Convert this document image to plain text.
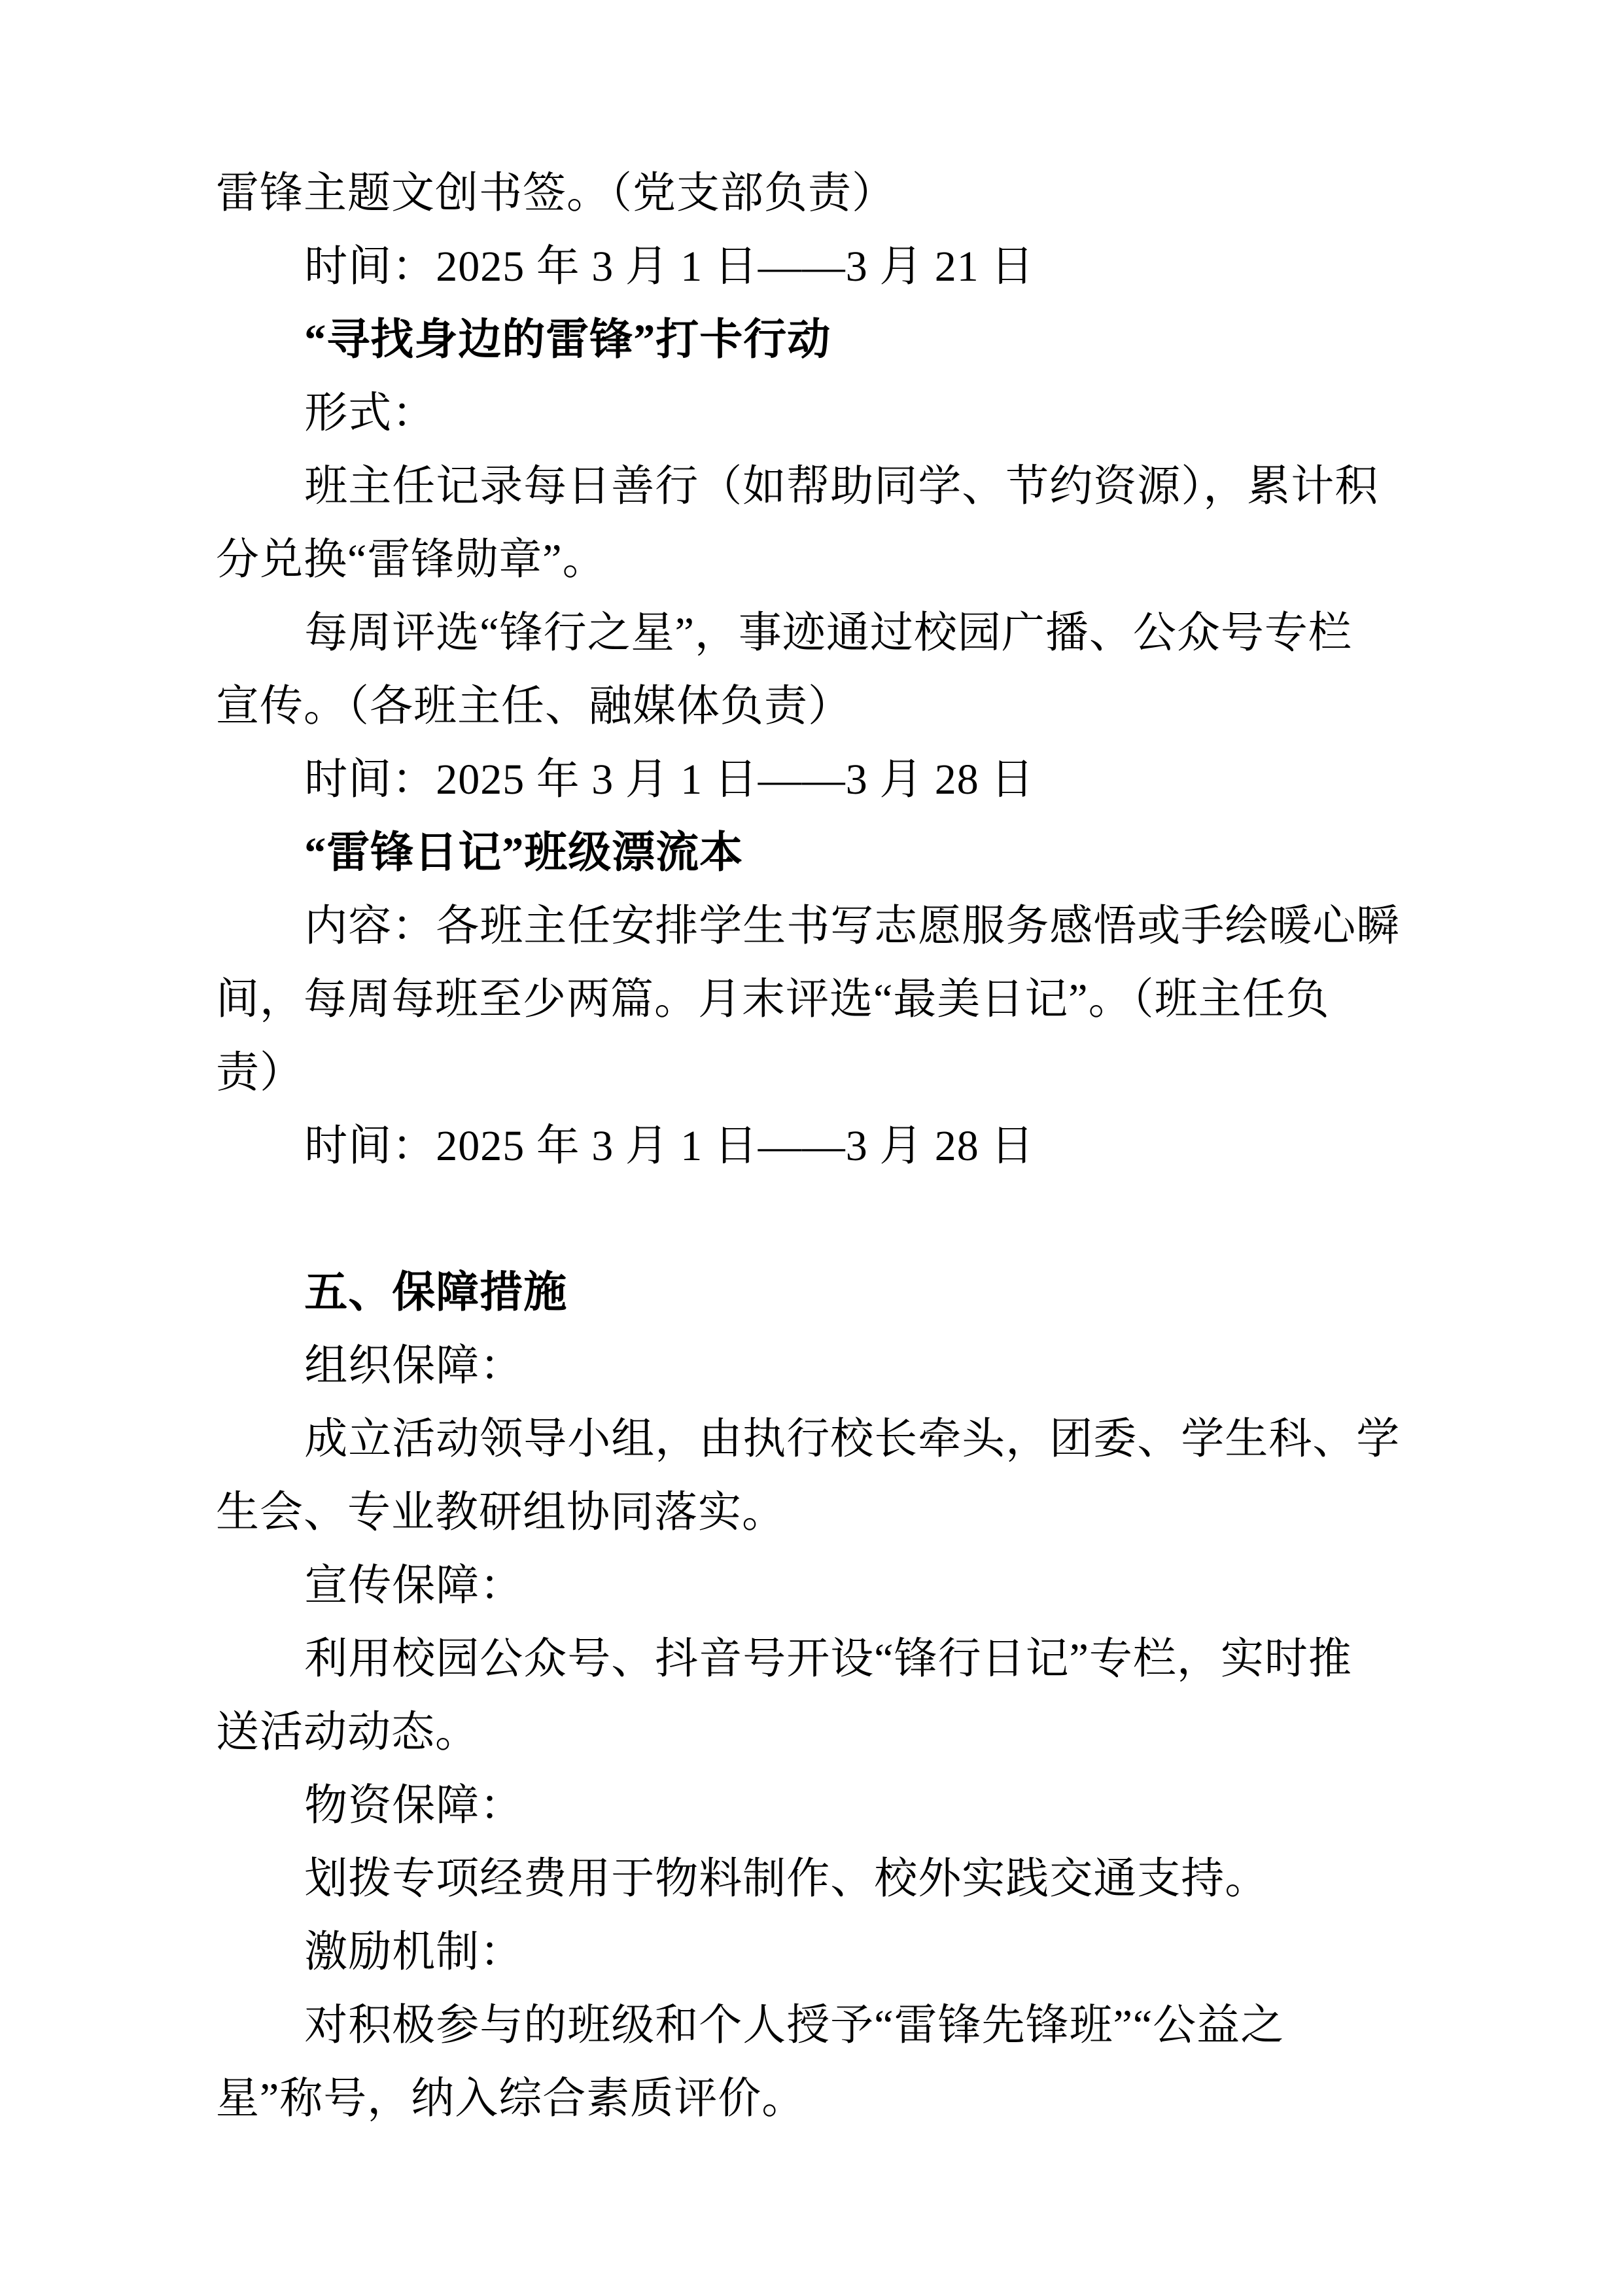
雷锋主题文创书签。（党支部负责）
时间：2025 年 3 月 1 日——3 月 21 日
“寻找身边的雷锋”打卡行动
形式：
班主任记录每日善行（如帮助同学、节约资源），累计积
分兑换“雷锋勋章”。
每周评选“锋行之星”，事迹通过校园广播、公众号专栏
宣传。（各班主任、融媒体负责）
时间：2025 年 3 月 1 日——3 月 28 日
“雷锋日记”班级漂流本
内容：各班主任安排学生书写志愿服务感悟或手绘暖心瞬
间，每周每班至少两篇。月末评选“最美日记”。（班主任负
责）
时间：2025 年 3 月 1 日——3 月 28 日
五、保障措施
组织保障：
成立活动领导小组，由执行校长牵头，团委、学生科、学
生会、专业教研组协同落实。
宣传保障：
利用校园公众号、抖音号开设“锋行日记”专栏，实时推
送活动动态。
物资保障：
划拨专项经费用于物料制作、校外实践交通支持。
激励机制：
对积极参与的班级和个人授予“雷锋先锋班”“公益之
星”称号，纳入综合素质评价。
